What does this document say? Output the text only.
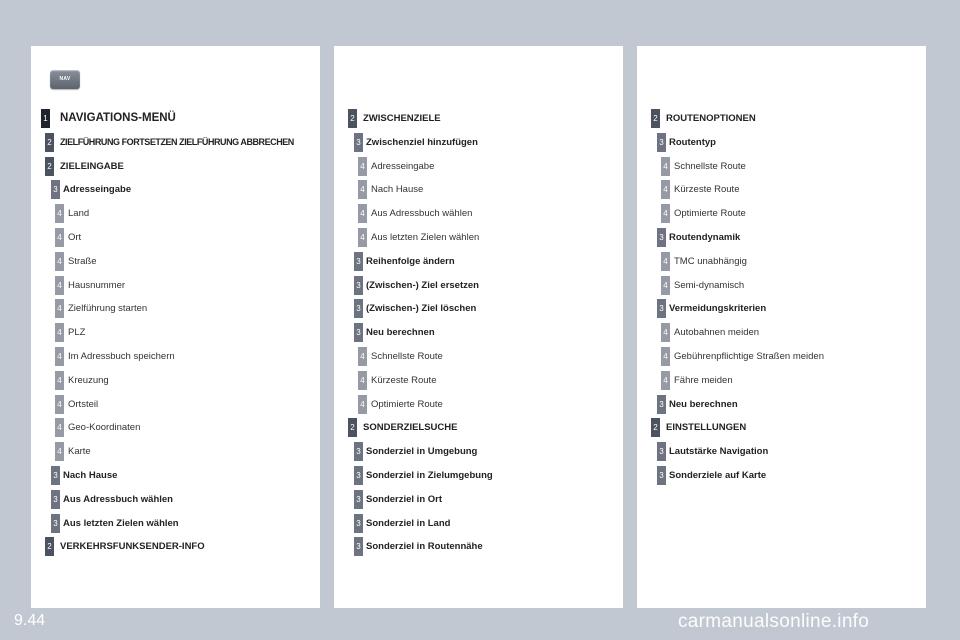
NAV
1 NAVIGATIONS-MENÜ
2 ZIELFÜHRUNG FORTSETZEN ZIELFÜHRUNG ABBRECHEN
2 ZIELEINGABE
3 Adresseingabe
4 Land
4 Ort
4 Straße
4 Hausnummer
4 Zielführung starten
4 PLZ
4 Im Adressbuch speichern
4 Kreuzung
4 Ortsteil
4 Geo-Koordinaten
4 Karte
3 Nach Hause
3 Aus Adressbuch wählen
3 Aus letzten Zielen wählen
2 VERKEHRSFUNKSENDER-INFO
2 ZWISCHENZIELE
3 Zwischenziel hinzufügen
4 Adresseingabe
4 Nach Hause
4 Aus Adressbuch wählen
4 Aus letzten Zielen wählen
3 Reihenfolge ändern
3 (Zwischen-) Ziel ersetzen
3 (Zwischen-) Ziel löschen
3 Neu berechnen
4 Schnellste Route
4 Kürzeste Route
4 Optimierte Route
2 SONDERZIELSUCHE
3 Sonderziel in Umgebung
3 Sonderziel in Zielumgebung
3 Sonderziel in Ort
3 Sonderziel in Land
3 Sonderziel in Routennähe
2 ROUTENOPTIONEN
3 Routentyp
4 Schnellste Route
4 Kürzeste Route
4 Optimierte Route
3 Routendynamik
4 TMC unabhängig
4 Semi-dynamisch
3 Vermeidungskriterien
4 Autobahnen meiden
4 Gebührenpflichtige Straßen meiden
4 Fähre meiden
3 Neu berechnen
2 EINSTELLUNGEN
3 Lautstärke Navigation
3 Sonderziele auf Karte
9.44	carmanualsonline.info
